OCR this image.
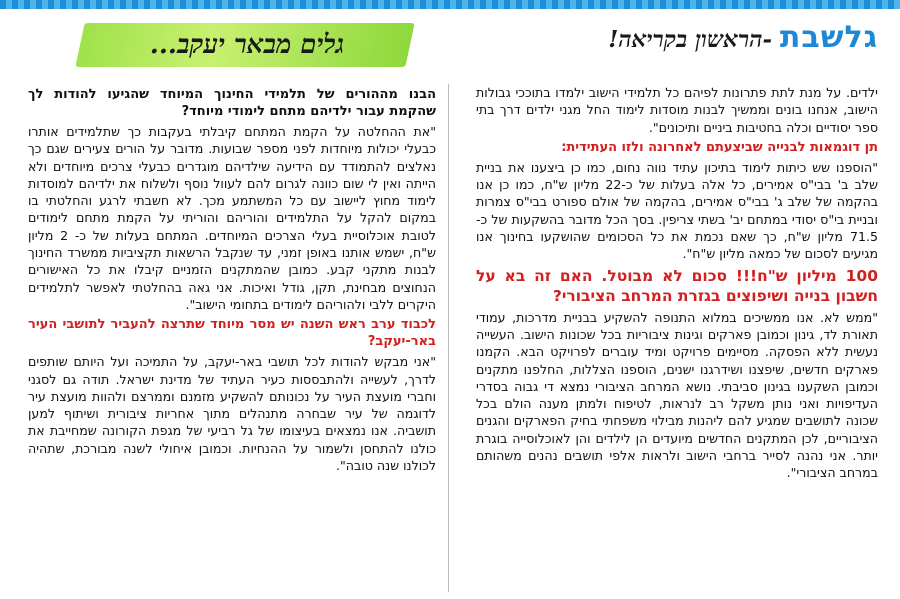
גלשבת
-הראשון בקריאה!
גלים מבאר יעקב...

ילדים. על מנת לתת פתרונות לפיהם כל תלמידי הישוב ילמדו בתוככי גבולות הישוב, אנחנו בונים וממשיך לבנות מוסדות לימוד החל מגני ילדים דרך בתי ספר יסודיים וכלה בחטיבות ביניים ותיכונים".

תן דוגמאות לבנייה שביצעתם לאחרונה ולזו העתידית:

"הוספנו שש כיתות לימוד בתיכון עתיד נווה נחום, כמו כן ביצענו את בניית שלב ב' בבי"ס אמירים, כל אלה בעלות של כ-22 מליון ש"ח, כמו כן אנו בהקמה של שלב ג' בבי"ס אמירים, בהקמה של אולם ספורט בבי"ס צמרות ובניית בי"ס יסודי במתחם יב' בשתי צריפין. בסך הכל מדובר בהשקעות של כ- 71.5 מליון ש"ח, כך שאם נכמת את כל הסכומים שהושקעו בחינוך אנו מגיעים לסכום של כמאה מליון ש"ח".

100 מיליון ש"ח!!! סכום לא מבוטל. האם זה בא על חשבון בנייה ושיפוצים בגזרת המרחב הציבורי?

"ממש לא. אנו ממשיכים במלוא התנופה להשקיע בבניית מדרכות, עמודי תאורת לד, גינון וכמובן פארקים וגינות ציבוריות בכל שכונות הישוב. העשייה נעשית ללא הפסקה. מסיימים פרויקט ומיד עוברים לפרויקט הבא. הקמנו פארקים חדשים, שיפצנו ושידרגנו ישנים, הוספנו הצללות, החלפנו מתקנים וכמובן השקענו בגינון סביבתי. נושא המרחב הציבורי נמצא די גבוה בסדרי העדיפויות ואני נותן משקל רב לנראות, לטיפוח ולמתן מענה הולם בכל שכונה לתושבים שמגיע להם ליהנות מבילוי משפחתי בחיק הפארקים והגנים הציבוריים, לכן המתקנים החדשים מיועדים הן לילדים והן לאוכלוסייה בוגרת יותר. אני נהנה לסייר ברחבי הישוב ולראות אלפי תושבים נהנים משהותם במרחב הציבורי".

הבנו מההורים של תלמידי החינוך המיוחד שהגיעו להודות לך שהקמת עבור ילדיהם מתחם לימודי מיוחד?

"את ההחלטה על הקמת המתחם קיבלתי בעקבות כך שתלמידים אותרו כבעלי יכולות מיוחדות לפני מספר שבועות. מדובר על הורים צעירים שגם כך נאלצים להתמודד עם הידיעה שילדיהם מוגדרים כבעלי צרכים מיוחדים ולא הייתה ואין לי שום כוונה לגרום להם לעוול נוסף ולשלוח את ילדיהם למוסדות לימוד מחוץ ליישוב עם כל המשתמע מכך. לא חשבתי לרגע והחלטתי בו במקום להקל על התלמידים והוריהם והוריתי על הקמת מתחם לימודים לטובת אוכלוסיית בעלי הצרכים המיוחדים. המתחם בעלות של כ- 2 מליון ש"ח, ישמש אותנו באופן זמני, עד שנקבל הרשאות תקציביות ממשרד החינוך לבנות מתקני קבע. כמובן שהמתקנים הזמניים קיבלו את כל האישורים הנחוצים מבחינת, תקן, גודל ואיכות. אני גאה בהחלטתי לאפשר לתלמידים היקרים ללבי ולהוריהם לימודים בתחומי הישוב".

לכבוד ערב ראש השנה יש מסר מיוחד שתרצה להעביר לתושבי העיר באר-יעקב?

"אני מבקש להודות לכל תושבי באר-יעקב, על התמיכה ועל היותם שותפים לדרך, לעשייה ולהתבססות כעיר העתיד של מדינת ישראל. תודה גם לסגני וחברי מועצת העיר על נכונותם להשקיע מזמנם וממרצם ולהוות מועצת עיר לדוגמה של עיר שבחרה מתנהלים מתוך אחריות ציבורית ושיתוף למען תושביה. אנו נמצאים בעיצומו של גל רביעי של מגפת הקורונה שמחייבת את כולנו להתחסן ולשמור על ההנחיות. וכמובן איחולי לשנה מבורכת, שתהיה לכולנו שנה טובה".
